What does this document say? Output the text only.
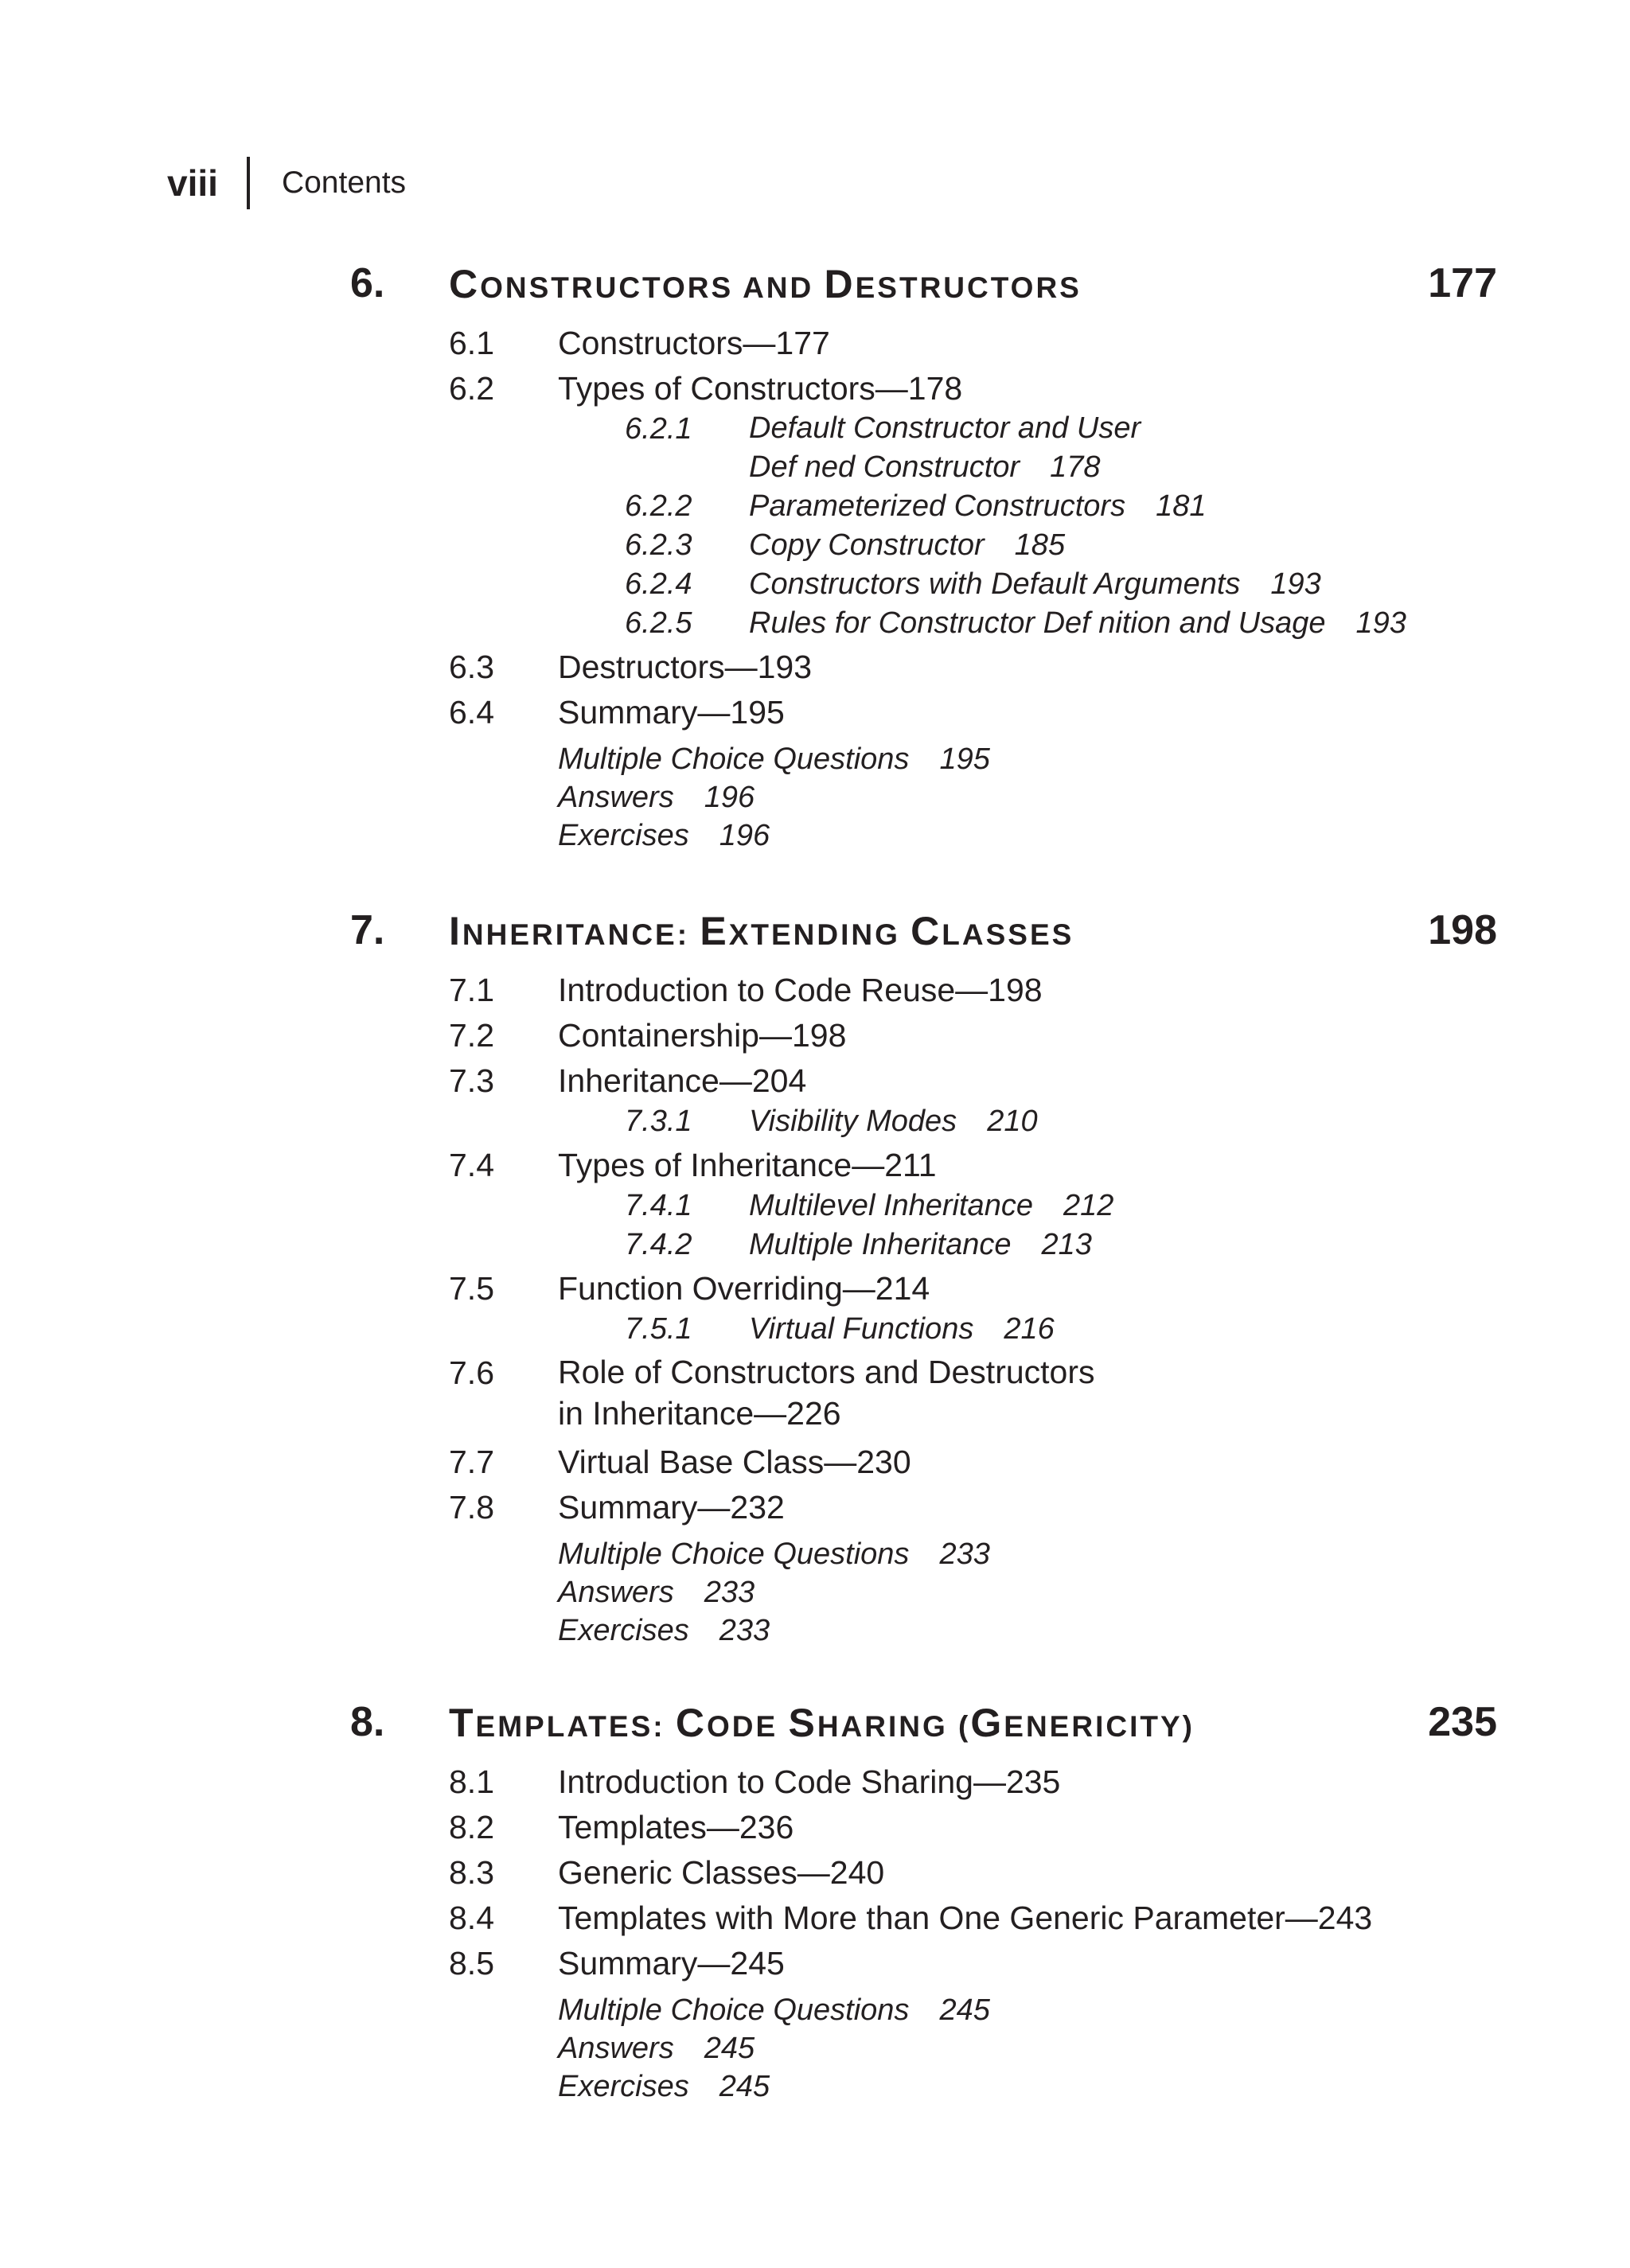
viii Contents
6. CONSTRUCTORS AND DESTRUCTORS	177
6.1 Constructors—177
6.2 Types of Constructors—178
6.2.1 Default Constructor and User
Def ned Constructor 178
6.2.2 Parameterized Constructors 181
6.2.3 Copy Constructor 185
6.2.4 Constructors with Default Arguments 193
6.2.5 Rules for Constructor Def nition and Usage 193
6.3 Destructors—193
6.4 Summary—195
Multiple Choice Questions 195
Answers 196
Exercises 196
7. INHERITANCE: EXTENDING CLASSES	198
7.1 Introduction to Code Reuse—198
7.2 Containership—198
7.3 Inheritance—204
7.3.1 Visibility Modes 210
7.4 Types of Inheritance—211
7.4.1 Multilevel Inheritance 212
7.4.2 Multiple Inheritance 213
7.5 Function Overriding—214
7.5.1 Virtual Functions 216
7.6 Role of Constructors and Destructors
in Inheritance—226
7.7 Virtual Base Class—230
7.8 Summary—232
Multiple Choice Questions 233
Answers 233
Exercises 233
8. TEMPLATES: CODE SHARING (GENERICITY)	235
8.1 Introduction to Code Sharing—235
8.2 Templates—236
8.3 Generic Classes—240
8.4 Templates with More than One Generic Parameter—243
8.5 Summary—245
Multiple Choice Questions 245
Answers 245
Exercises 245
